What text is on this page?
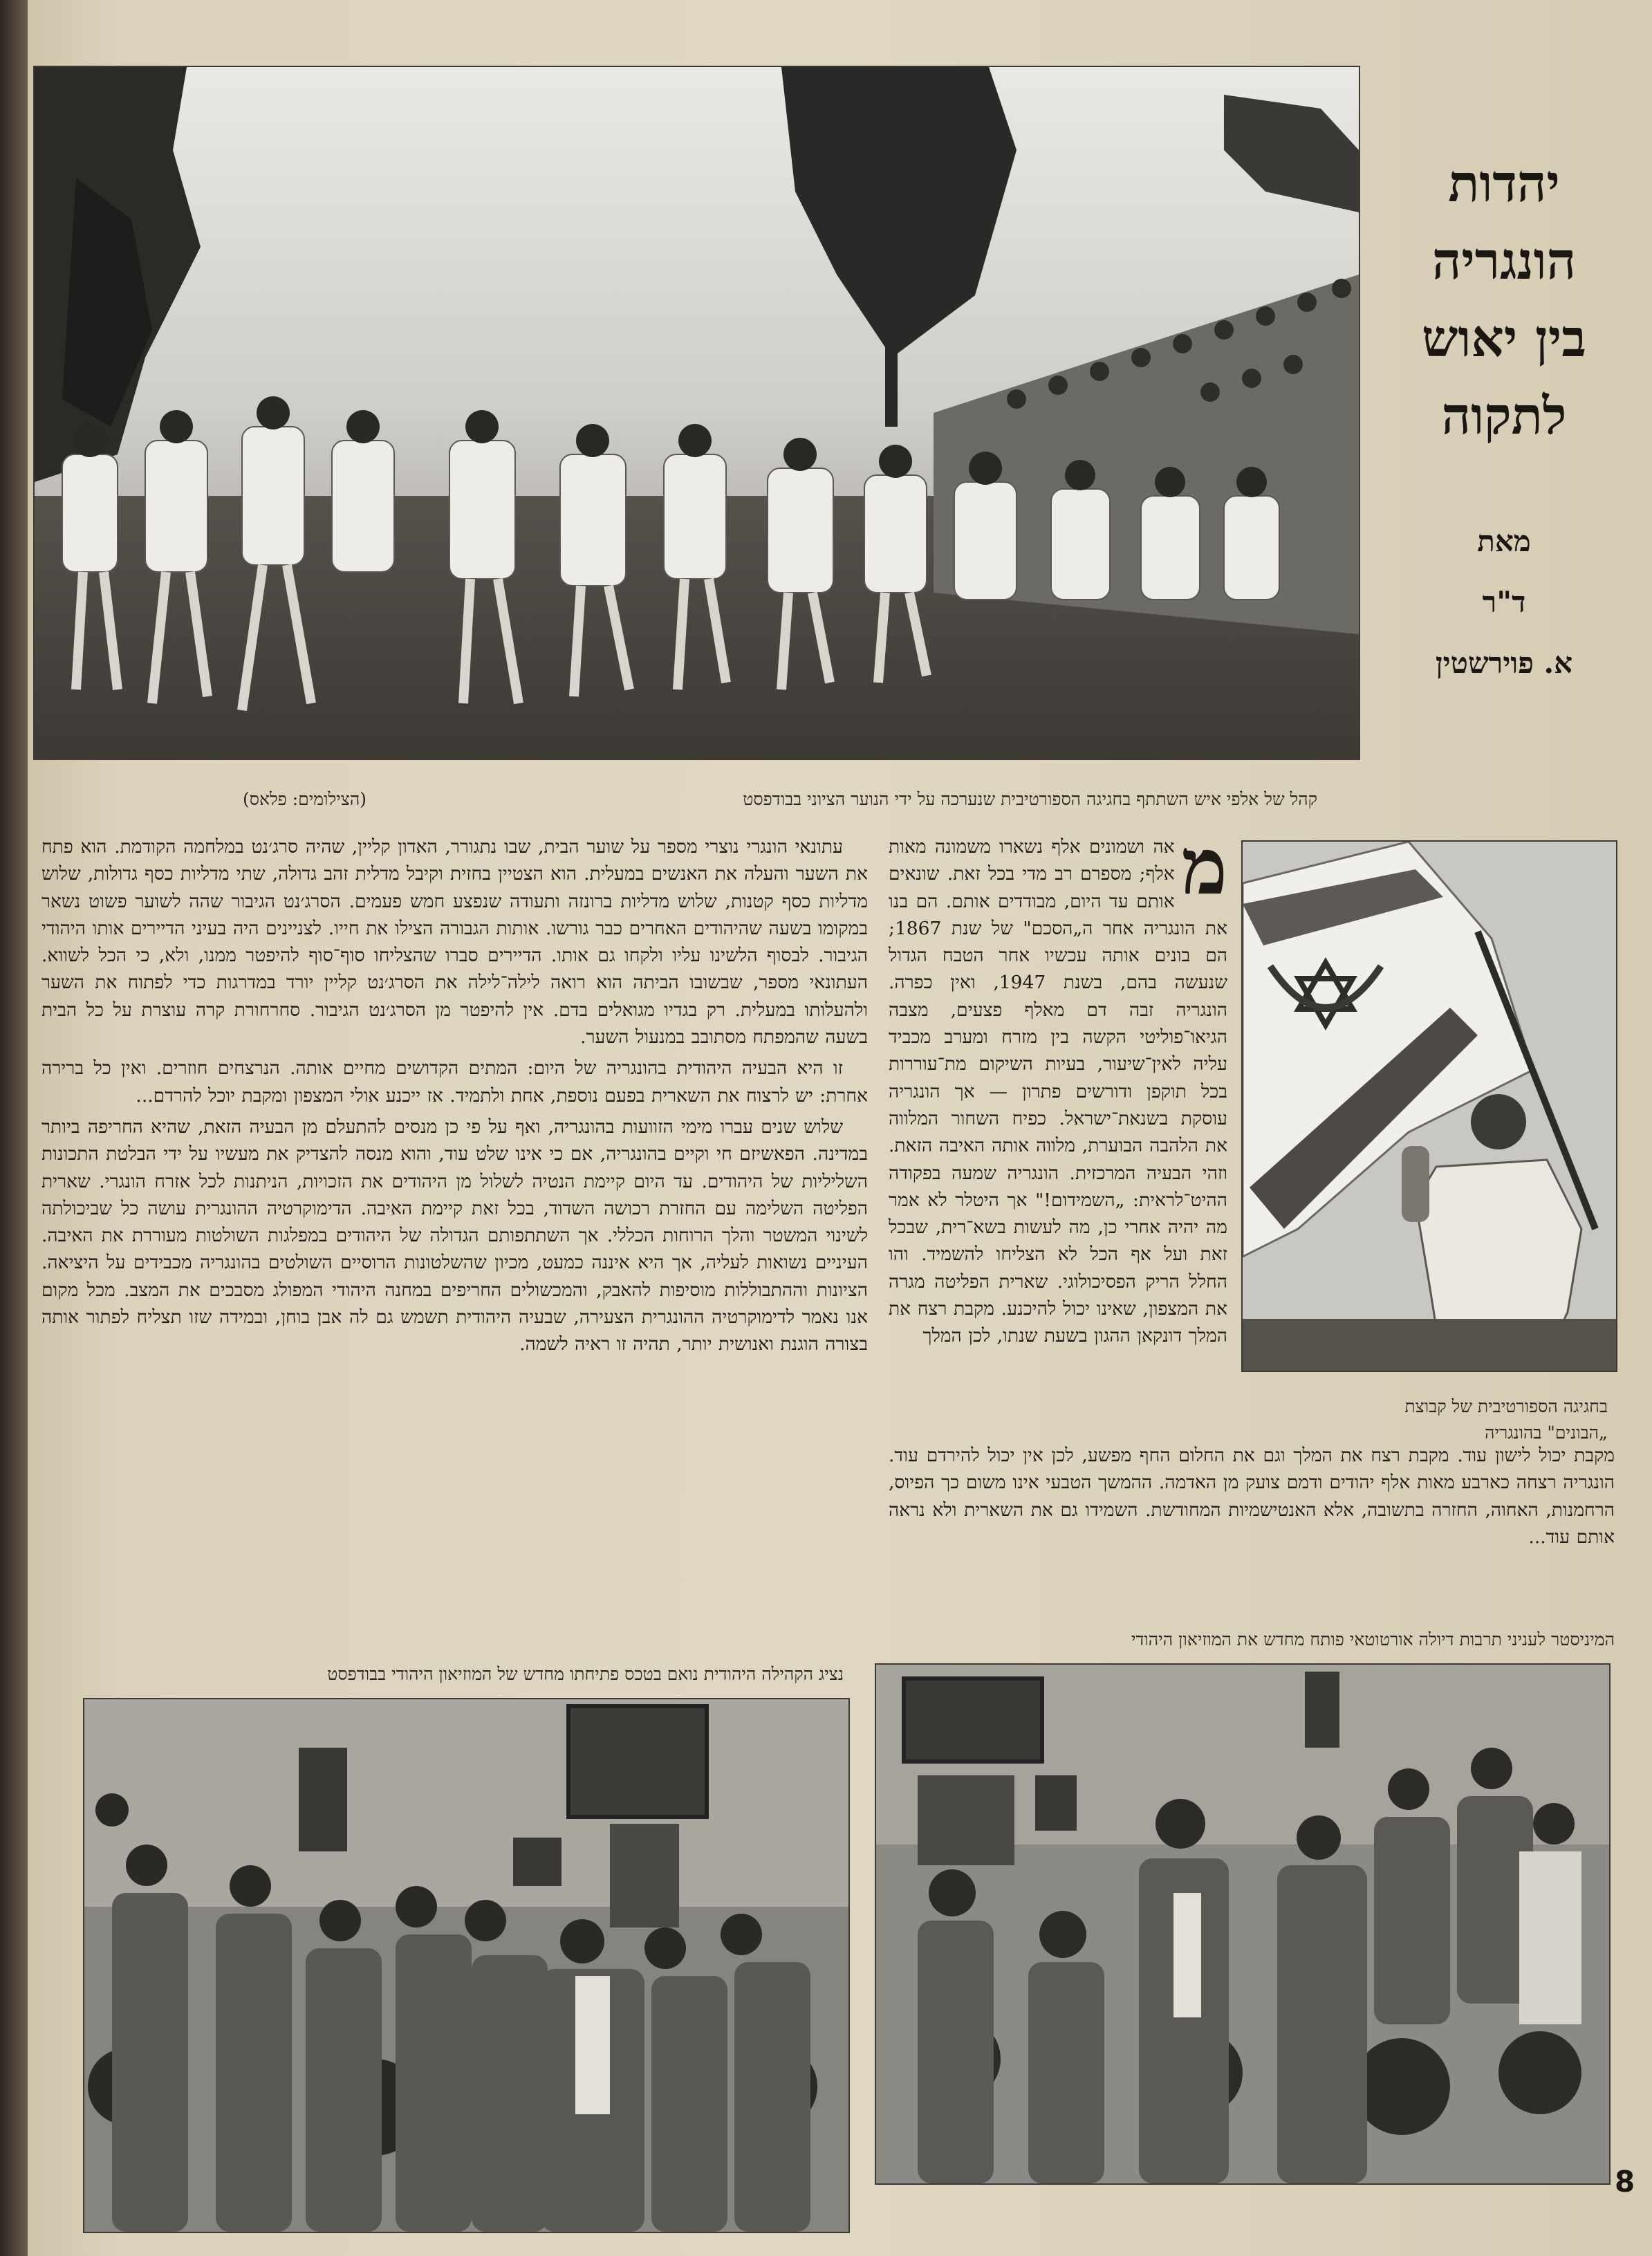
יהדות
הונגריה
בין יאוש
לתקוה
מאת
ד"ר
א. פוירשטין
קהל של אלפי איש השתתף בחגיגה הספורטיבית שנערכה על ידי הנוער הציוני בבודפסט
(הצילומים: פלאס)
בחגיגה הספורטיבית של קבוצת
„הבונים" בהונגריה

מ
אה ושמונים אלף נשארו משמונה מאות אלף; מספרם רב מדי בכל זאת. שונאים אותם עד היום, מבודדים אותם. הם בנו את הונגריה אחר ה„הסכם" של שנת 1867; הם בונים אותה עכשיו אחר הטבח הגדול שנעשה בהם, בשנת 1947, ואין כפרה. הונגריה זבה דם מאלף פצעים, מצבה הגיאו־פוליטי הקשה בין מזרח ומערב מכביד עליה לאין־שיעור, בעיות השיקום מת־עוררות בכל תוקפן ודורשים פתרון — אך הונגריה עוסקת בשנאת־ישראל. כפיח השחור המלווה את הלהבה הבוערת, מלווה אותה האיבה הזאת. וזהי הבעיה המרכזית. הונגריה שמעה בפקודה ההיט־לראית: „השמידום!" אך היטלר לא אמר מה יהיה אחרי כן, מה לעשות בשא־רית, שבכל זאת ועל אף הכל לא הצליחו להשמיד. והו החלל הריק הפסיכולוגי. שארית הפליטה מגרה את המצפון, שאינו יכול להיכנע. מקבת רצח את המלך דונקאן ההגון בשעת שנתו, לכן המלך

מקבת יכול לישון עוד. מקבת רצח את המלך וגם את החלום החף מפשע, לכן אין יכול להירדם עוד. הונגריה רצחה כארבע מאות אלף יהודים ודמם צועק מן האדמה. ההמשך הטבעי אינו משום כך הפיוס, הרחמנות, האחוה, החזרה בתשובה, אלא האנטישמיות המחודשת. השמידו גם את השארית ולא נראה אותם עוד...

עתונאי הונגרי נוצרי מספר על שוער הבית, שבו נתגורר, האדון קליין, שהיה סרג׳נט במלחמה הקודמת. הוא פתח את השער והעלה את האנשים במעלית. הוא הצטיין בחזית וקיבל מדלית זהב גדולה, שתי מדליות כסף גדולות, שלוש מדליות כסף קטנות, שלוש מדליות ברונזה ותעודה שנפצע חמש פעמים. הסרג׳נט הגיבור שהה לשוער פשוט נשאר במקומו בשעה שהיהודים האחרים כבר גורשו. אותות הגבורה הצילו את חייו. לצניינים היה בעיני הדיירים אותו היהודי הגיבור. לבסוף הלשינו עליו ולקחו גם אותו. הדיירים סברו שהצליחו סוף־סוף להיפטר ממנו, ולא, כי הכל לשווא. העתונאי מספר, שבשובו הביתה הוא רואה לילה־לילה את הסרג׳נט קליין יורד במדרגות כדי לפתוח את השער ולהעלותו במעלית. רק בגדיו מגואלים בדם. אין להיפטר מן הסרג׳נט הגיבור. סחרחורת קרה עוצרת על כל הבית בשעה שהמפתח מסתובב במנעול השער.

זו היא הבעיה היהודית בהונגריה של היום: המתים הקדושים מחיים אותה. הנרצחים חוזרים. ואין כל ברירה אחרת: יש לרצוח את השארית בפעם נוספת, אחת ולתמיד. אז ייכנע אולי המצפון ומקבת יוכל להרדם...

שלוש שנים עברו מימי הזוועות בהונגריה, ואף על פי כן מנסים להתעלם מן הבעיה הזאת, שהיא החריפה ביותר במדינה. הפאשיזם חי וקיים בהונגריה, אם כי אינו שלט עוד, והוא מנסה להצדיק את מעשיו על ידי הבלטת התכונות השליליות של היהודים. עד היום קיימת הנטיה לשלול מן היהודים את הזכויות, הניתנות לכל אזרח הונגרי. שארית הפליטה השלימה עם החזרת רכושה השדוד, בכל זאת קיימת האיבה. הדימוקרטיה ההונגרית עושה כל שביכולתה לשינוי המשטר והלך הרוחות הכללי. אך השתתפותם הגדולה של היהודים במפלגות השולטות מעוררת את האיבה. העיניים נשואות לעליה, אך היא איננה כמעט, מכיון שהשלטונות הרוסיים השולטים בהונגריה מכבידים על היציאה. הציונות וההתבוללות מוסיפות להאבק, והמכשולים החריפים במחנה היהודי המפולג מסבכים את המצב. מכל מקום אנו נאמר לדימוקרטיה ההונגרית הצעירה, שבעיה היהודית תשמש גם לה אבן בוחן, ובמידה שזו תצליח לפתור אותה בצורה הוגנת ואנושית יותר, תהיה זו ראיה לשמה.

המיניסטר לעניני תרבות דיולה אורטוטאי פותח מחדש את המוזיאון היהודי
נציג הקהילה היהודית נואם בטכס פתיחתו מחדש של המוזיאון היהודי בבודפסט
8
